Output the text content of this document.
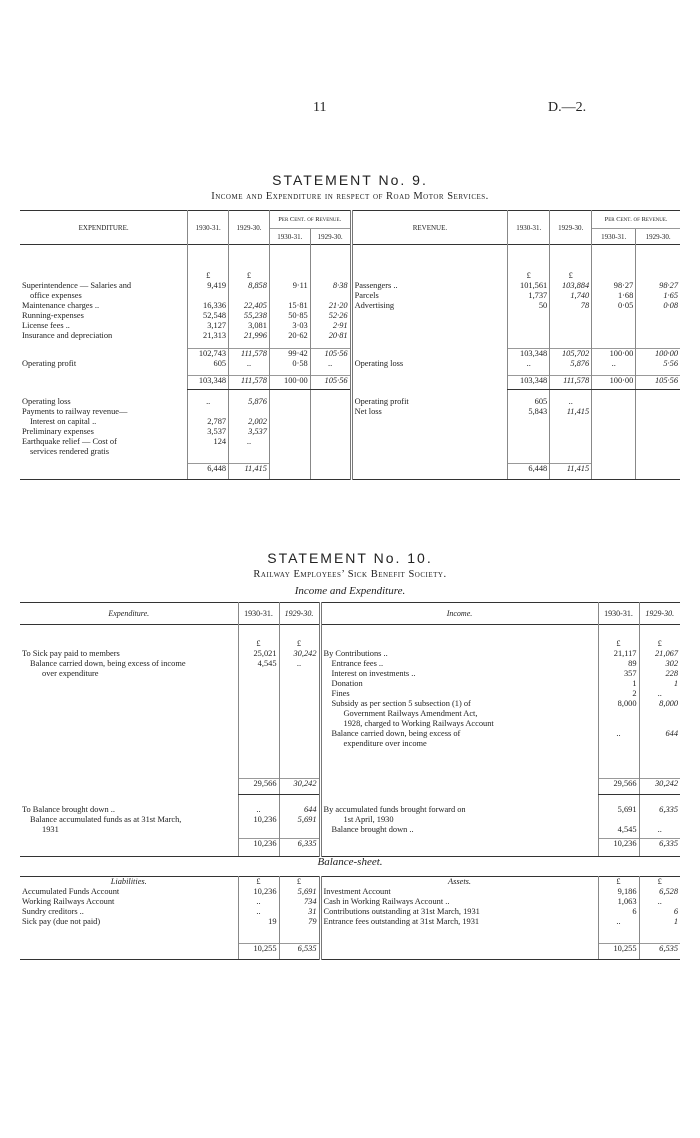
11	D.—2.
STATEMENT No. 9.
Income and Expenditure in respect of Road Motor Services.
EXPENDITURE.	1930-31.	1929-30.	Per Cent. of Revenue.		REVENUE.	1930-31.	1929-30.	Per Cent. of Revenue.	
			1930-31.	1929-30.				1930-31.	1929-30.

	£	£				£	£		
Superintendence — Salaries and	9,419	8,858	9·11	8·38	Passengers ..	101,561	103,884	98·27	98·27
office expenses					Parcels	1,737	1,740	1·68	1·65
Maintenance charges ..	16,336	22,405	15·81	21·20	Advertising	50	78	0·05	0·08
Running-expenses	52,548	55,238	50·85	52·26					
License fees ..	3,127	3,081	3·03	2·91					
Insurance and depreciation	21,313	21,996	20·62	20·81					
	102,743	111,578	99·42	105·56		103,348	105,702	100·00	100·00
Operating profit	605	..	0·58	..	Operating loss	..	5,876	..	5·56
	103,348	111,578	100·00	105·56		103,348	111,578	100·00	105·56

Operating loss	..	5,876			Operating profit	605	..		
Payments to railway revenue—					Net loss	5,843	11,415		
Interest on capital ..	2,787	2,002							
Preliminary expenses	3,537	3,537							
Earthquake relief — Cost of	124	..							
services rendered gratis									
	6,448	11,415				6,448	11,415		
STATEMENT No. 10.
Railway Employees’ Sick Benefit Society.
Income and Expenditure.
Expenditure.	1930-31.	1929-30.	Income.	1930-31.	1929-30.

	£	£		£	£
To Sick pay paid to members	25,021	30,242	By Contributions ..	21,117	21,067
Balance carried down, being excess of income	4,545	..	Entrance fees ..	89	302
over expenditure			Interest on investments ..	357	228
			Donation	1	1
			Fines	2	..
			Subsidy as per section 5 subsection (1) of	8,000	8,000
			Government Railways Amendment Act,		
			1928, charged to Working Railways Account		
			Balance carried down, being excess of	..	644
			expenditure over income		
	29,566	30,242		29,566	30,242

To Balance brought down ..	..	644	By accumulated funds brought forward on	5,691	6,335
Balance accumulated funds as at 31st March,	10,236	5,691	1st April, 1930		
1931			Balance brought down ..	4,545	..
	10,236	6,335		10,236	6,335
Balance-sheet.
Liabilities.	£	£	Assets.	£	£
Accumulated Funds Account	10,236	5,691	Investment Account	9,186	6,528
Working Railways Account	..	734	Cash in Working Railways Account ..	1,063	..
Sundry creditors ..	..	31	Contributions outstanding at 31st March, 1931	6	6
Sick pay (due not paid)	19	79	Entrance fees outstanding at 31st March, 1931	..	1
	10,255	6,535		10,255	6,535
